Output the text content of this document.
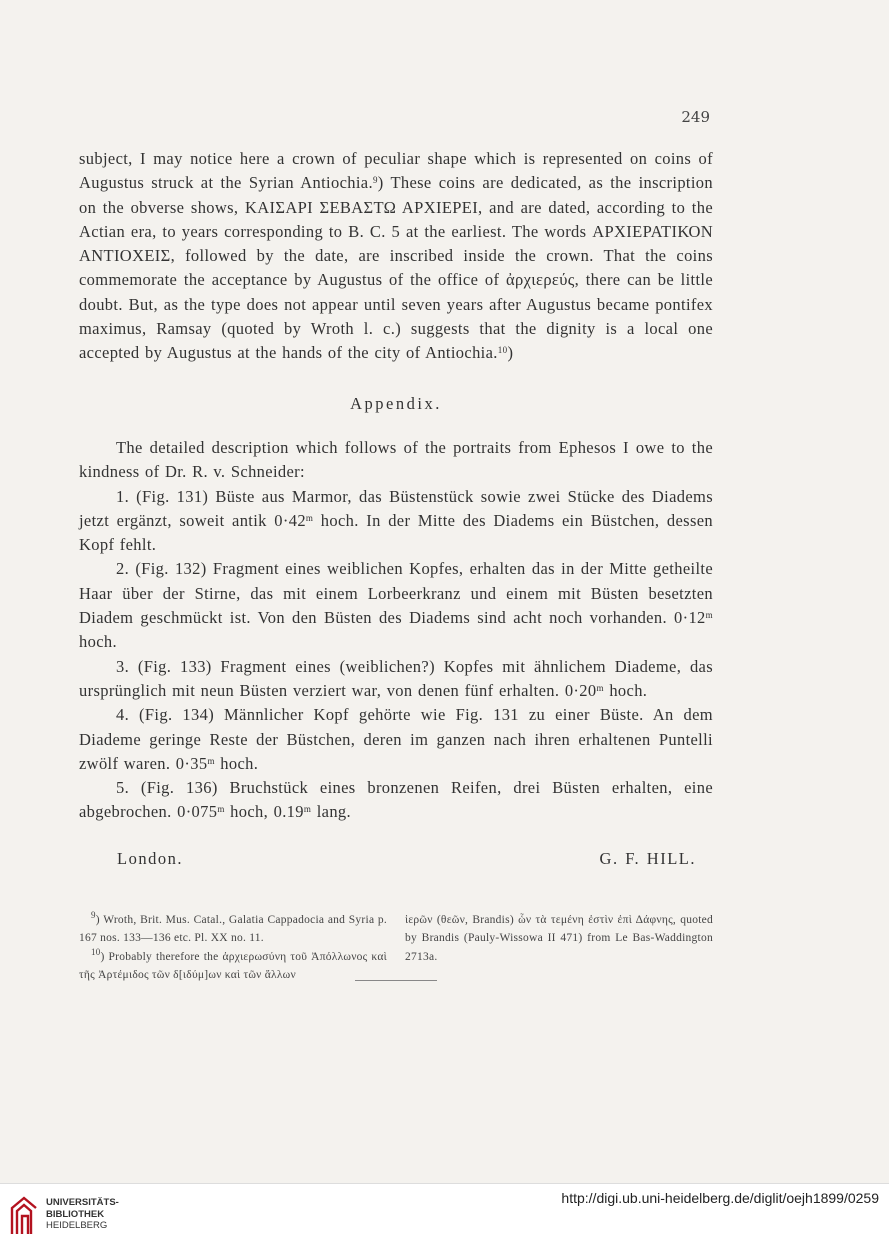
249

subject, I may notice here a crown of peculiar shape which is represented on coins of Augustus struck at the Syrian Antiochia.$^9$) These coins are dedicated, as the inscription on the obverse shows, ΚΑΙΣΑΡΙ ΣΕΒΑΣΤΩ ΑΡΧΙΕΡΕΙ, and are dated, according to the Actian era, to years corresponding to B. C. 5 at the earliest. The words ΑΡΧΙΕΡΑΤΙΚΟΝ ΑΝΤΙΟΧΕΙΣ, followed by the date, are inscribed inside the crown. That the coins commemorate the acceptance by Augustus of the office of ἀρχιερεύς, there can be little doubt. But, as the type does not appear until seven years after Augustus became pontifex maximus, Ramsay (quoted by Wroth l. c.) suggests that the dignity is a local one accepted by Augustus at the hands of the city of Antiochia.$^{10}$)

Appendix.

The detailed description which follows of the portraits from Ephesos I owe to the kindness of Dr. R. v. Schneider:

1. (Fig. 131) Büste aus Marmor, das Büstenstück sowie zwei Stücke des Diadems jetzt ergänzt, soweit antik $0\cdot 42^m$ hoch. In der Mitte des Diadems ein Büstchen, dessen Kopf fehlt.

2. (Fig. 132) Fragment eines weiblichen Kopfes, erhalten das in der Mitte getheilte Haar über der Stirne, das mit einem Lorbeerkranz und einem mit Büsten besetzten Diadem geschmückt ist. Von den Büsten des Diadems sind acht noch vorhanden. $0\cdot 12^m$ hoch.

3. (Fig. 133) Fragment eines (weiblichen?) Kopfes mit ähnlichem Diademe, das ursprünglich mit neun Büsten verziert war, von denen fünf erhalten. $0\cdot 20^m$ hoch.

4. (Fig. 134) Männlicher Kopf gehörte wie Fig. 131 zu einer Büste. An dem Diademe geringe Reste der Büstchen, deren im ganzen nach ihren erhaltenen Puntelli zwölf waren. $0\cdot 35^m$ hoch.

5. (Fig. 136) Bruchstück eines bronzenen Reifen, drei Büsten erhalten, eine abgebrochen. $0\cdot 075^m$ hoch, 0.19$^m$ lang.

London.	G. F. HILL.

$^9$) Wroth, Brit. Mus. Catal., Galatia Cappadocia and Syria p. 167 nos. 133—136 etc. Pl. XX no. 11.

$^{10}$) Probably therefore the ἀρχιερωσύνη τοῦ Ἀπόλλωνος καὶ τῆς Ἀρτέμιδος τῶν δ[ιδύμ]ων καὶ τῶν ἄλλων

ἱερῶν (θεῶν, Brandis) ὧν τὰ τεμένη ἐστὶν ἐπὶ Δάφνης, quoted by Brandis (Pauly-Wissowa II 471) from Le Bas-Waddington 2713a.

UNIVERSITÄTS-
BIBLIOTHEK
HEIDELBERG
http://digi.ub.uni-heidelberg.de/diglit/oejh1899/0259
